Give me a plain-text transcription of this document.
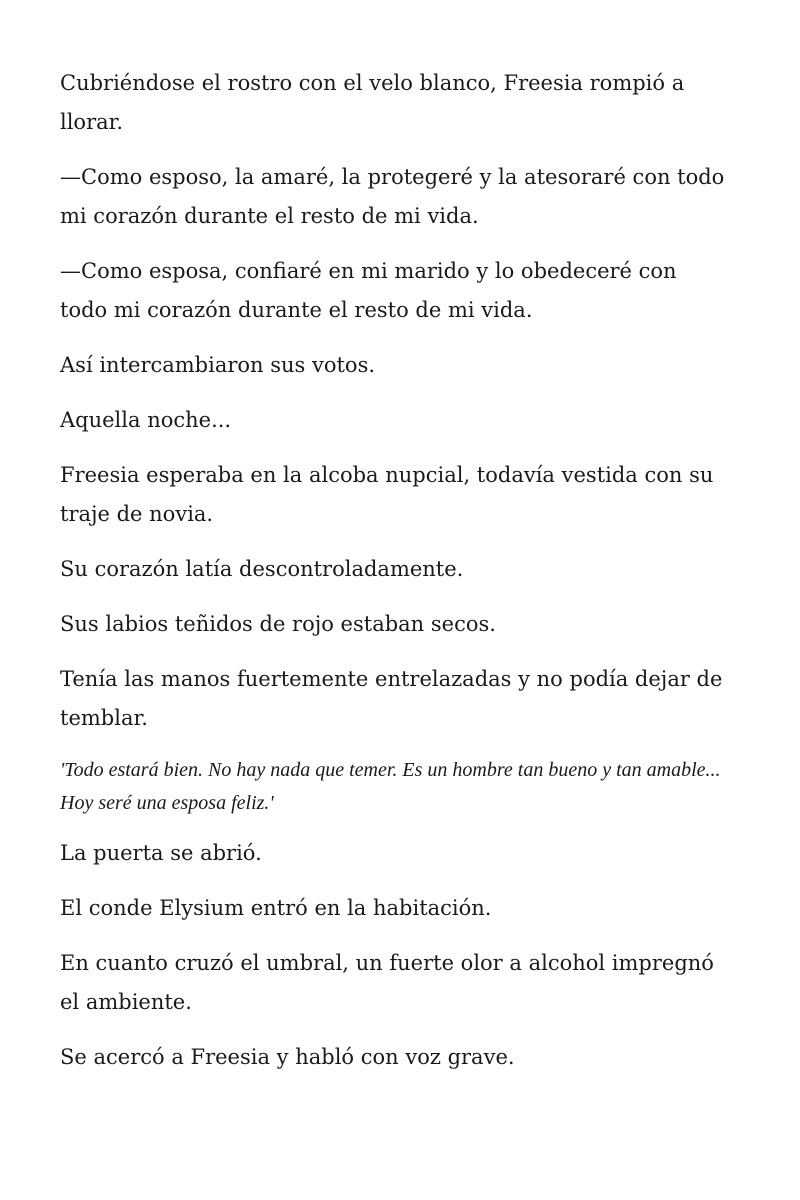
Cubriéndose el rostro con el velo blanco, Freesia rompió a llorar.

—Como esposo, la amaré, la protegeré y la atesoraré con todo mi corazón durante el resto de mi vida.

—Como esposa, confiaré en mi marido y lo obedeceré con todo mi corazón durante el resto de mi vida.

Así intercambiaron sus votos.

Aquella noche...

Freesia esperaba en la alcoba nupcial, todavía vestida con su traje de novia.

Su corazón latía descontroladamente.

Sus labios teñidos de rojo estaban secos.

Tenía las manos fuertemente entrelazadas y no podía dejar de temblar.

'Todo estará bien. No hay nada que temer. Es un hombre tan bueno y tan amable... Hoy seré una esposa feliz.'

La puerta se abrió.

El conde Elysium entró en la habitación.

En cuanto cruzó el umbral, un fuerte olor a alcohol impregnó el ambiente.

Se acercó a Freesia y habló con voz grave.
